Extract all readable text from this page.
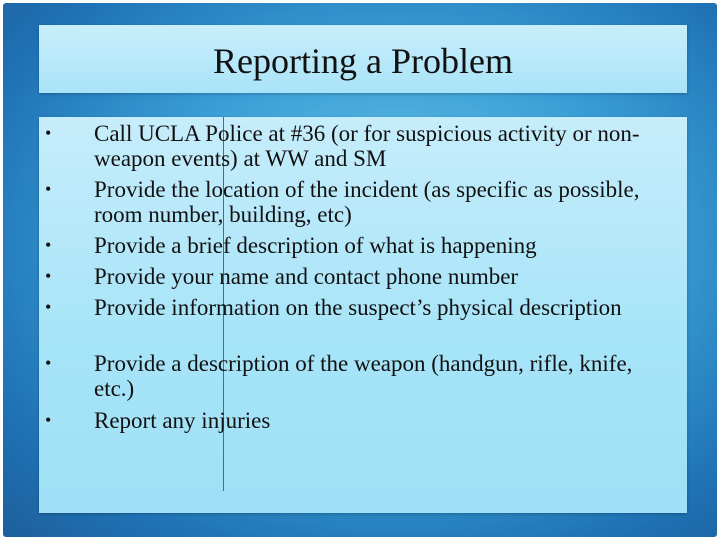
Reporting a Problem
• Call UCLA Police at #36 (or for suspicious activity or non-weapon events) at WW and SM
• Provide the location of the incident (as specific as possible, room number, building, etc)
• Provide a brief description of what is happening
• Provide your name and contact phone number
• Provide information on the suspect’s physical description
• Provide a description of the weapon (handgun, rifle, knife, etc.)
• Report any injuries
